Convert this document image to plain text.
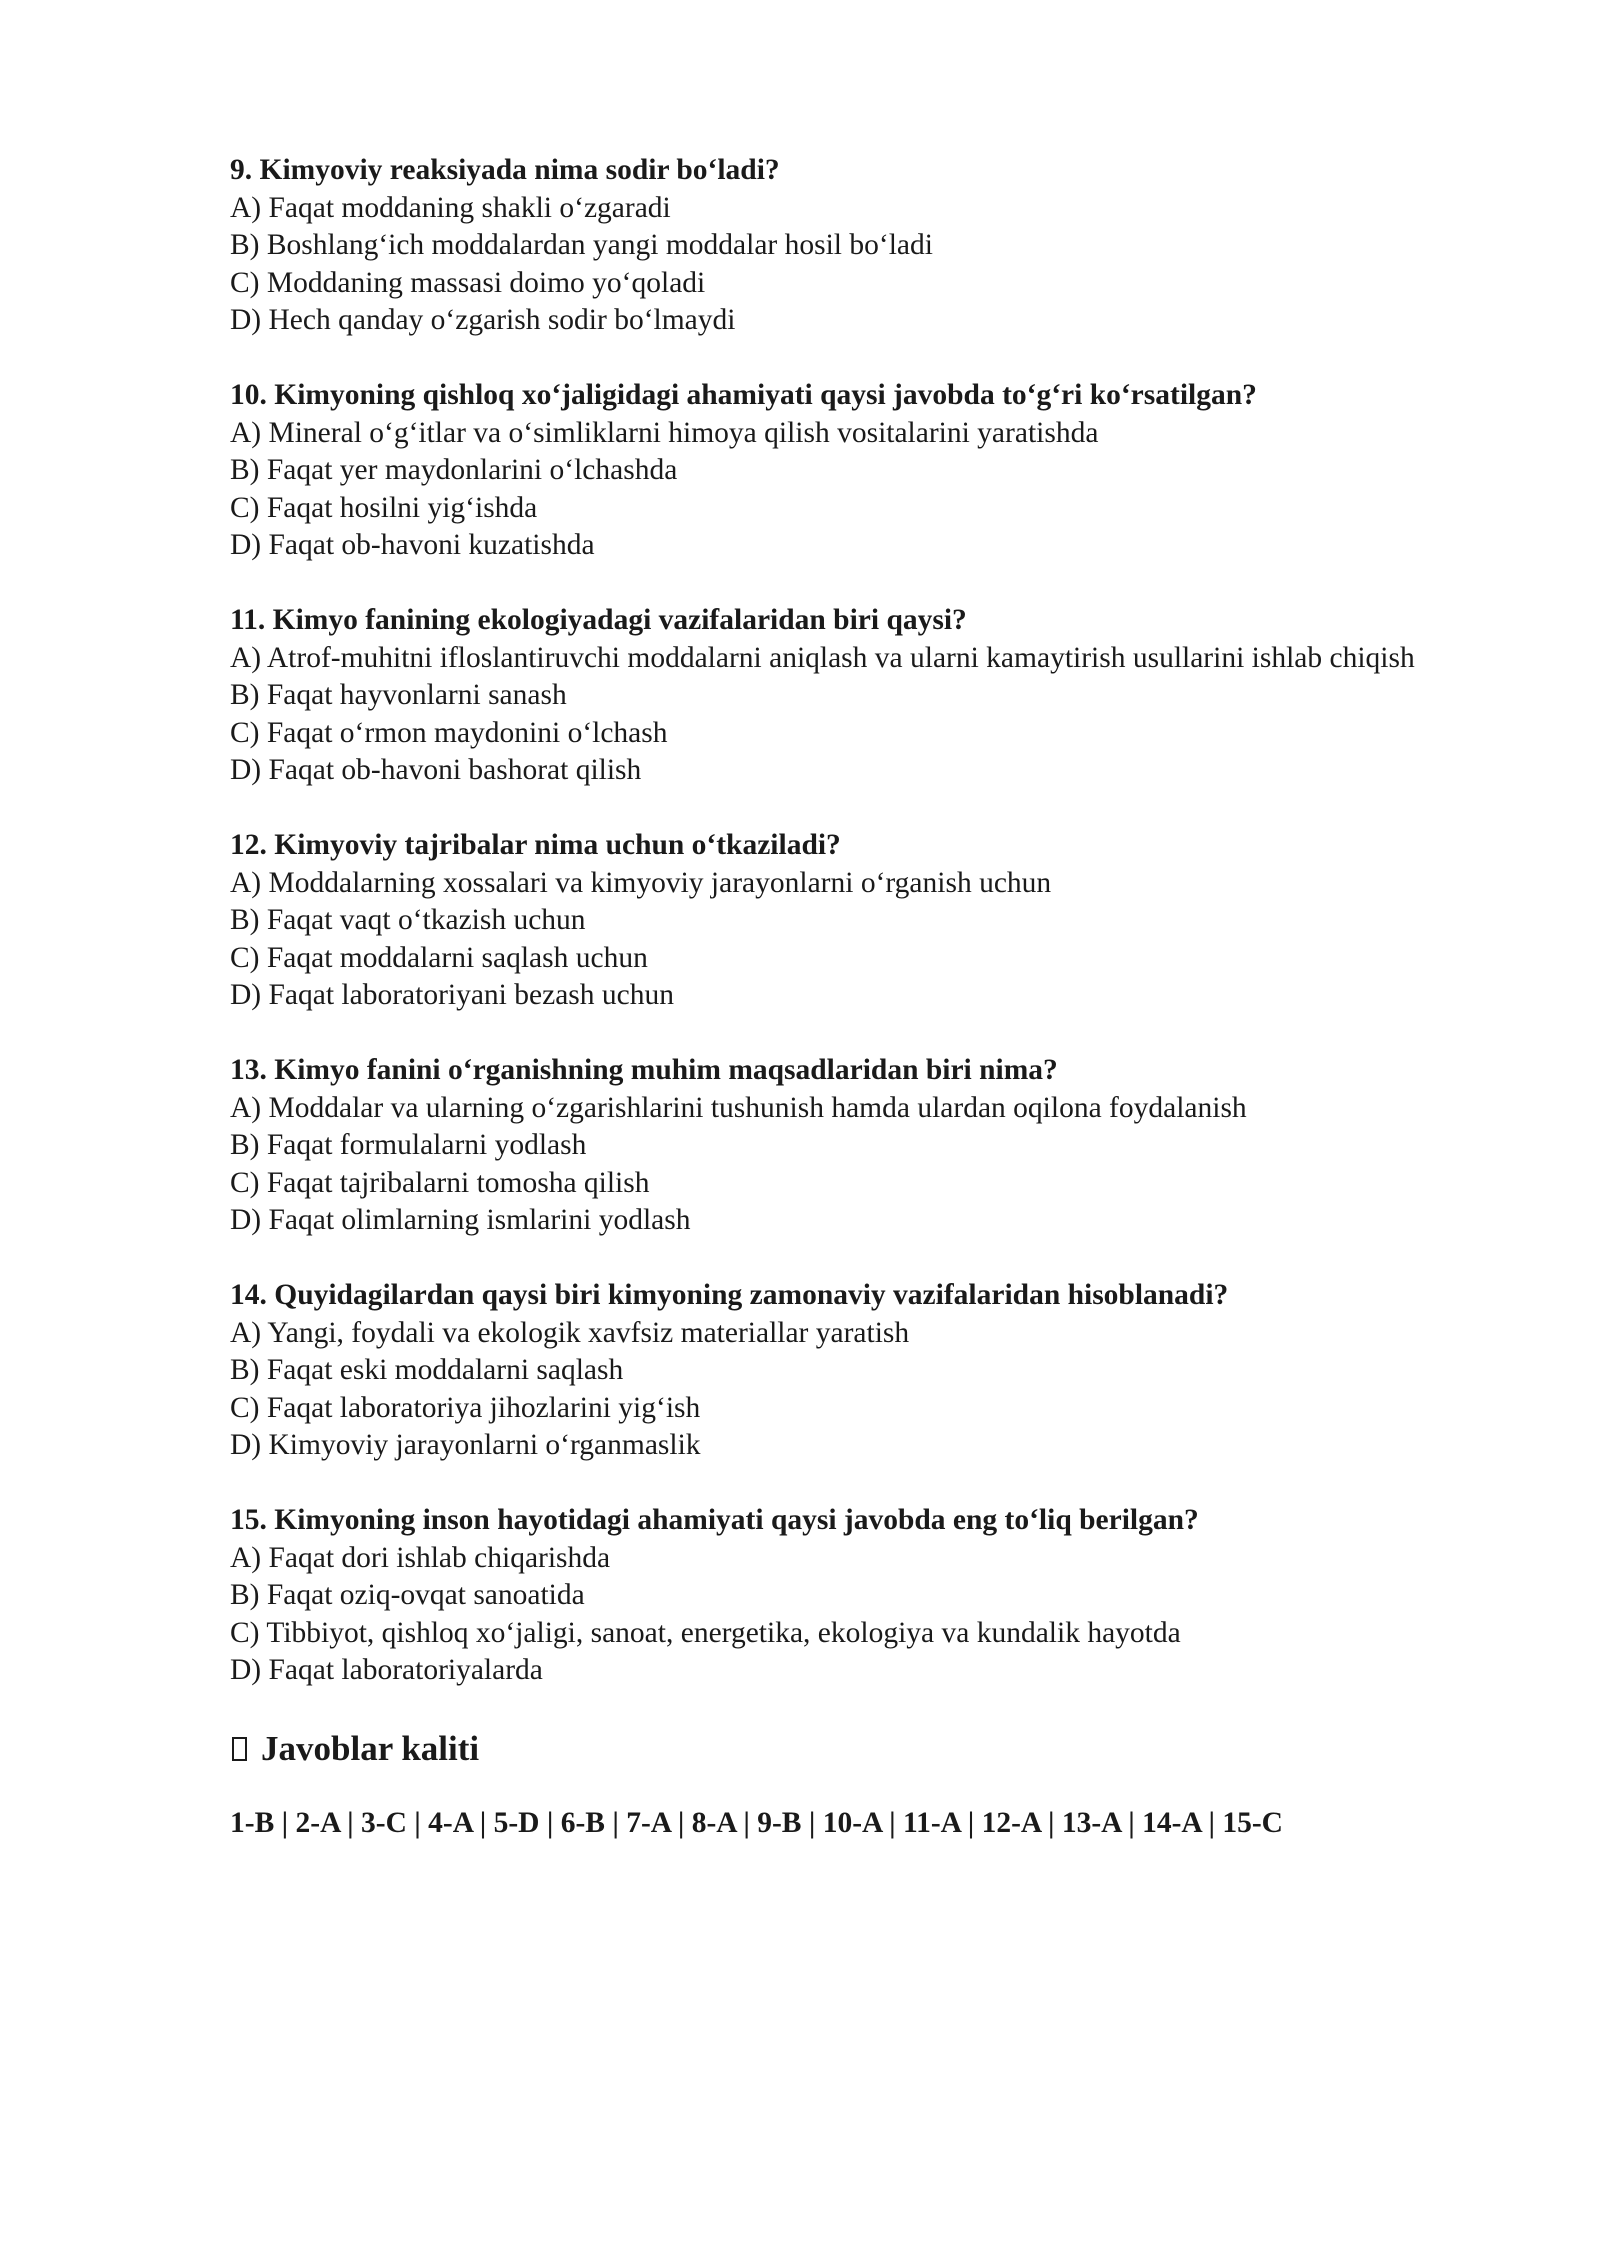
9. Kimyoviy reaksiyada nima sodir bo‘ladi?

A) Faqat moddaning shakli o‘zgaradi

B) Boshlang‘ich moddalardan yangi moddalar hosil bo‘ladi

C) Moddaning massasi doimo yo‘qoladi

D) Hech qanday o‘zgarish sodir bo‘lmaydi

10. Kimyoning qishloq xo‘jaligidagi ahamiyati qaysi javobda to‘g‘ri ko‘rsatilgan?

A) Mineral o‘g‘itlar va o‘simliklarni himoya qilish vositalarini yaratishda

B) Faqat yer maydonlarini o‘lchashda

C) Faqat hosilni yig‘ishda

D) Faqat ob-havoni kuzatishda

11. Kimyo fanining ekologiyadagi vazifalaridan biri qaysi?

A) Atrof-muhitni ifloslantiruvchi moddalarni aniqlash va ularni kamaytirish usullarini ishlab chiqish

B) Faqat hayvonlarni sanash

C) Faqat o‘rmon maydonini o‘lchash

D) Faqat ob-havoni bashorat qilish

12. Kimyoviy tajribalar nima uchun o‘tkaziladi?

A) Moddalarning xossalari va kimyoviy jarayonlarni o‘rganish uchun

B) Faqat vaqt o‘tkazish uchun

C) Faqat moddalarni saqlash uchun

D) Faqat laboratoriyani bezash uchun

13. Kimyo fanini o‘rganishning muhim maqsadlaridan biri nima?

A) Moddalar va ularning o‘zgarishlarini tushunish hamda ulardan oqilona foydalanish

B) Faqat formulalarni yodlash

C) Faqat tajribalarni tomosha qilish

D) Faqat olimlarning ismlarini yodlash

14. Quyidagilardan qaysi biri kimyoning zamonaviy vazifalaridan hisoblanadi?

A) Yangi, foydali va ekologik xavfsiz materiallar yaratish

B) Faqat eski moddalarni saqlash

C) Faqat laboratoriya jihozlarini yig‘ish

D) Kimyoviy jarayonlarni o‘rganmaslik

15. Kimyoning inson hayotidagi ahamiyati qaysi javobda eng to‘liq berilgan?

A) Faqat dori ishlab chiqarishda

B) Faqat oziq-ovqat sanoatida

C) Tibbiyot, qishloq xo‘jaligi, sanoat, energetika, ekologiya va kundalik hayotda

D) Faqat laboratoriyalarda

Javoblar kaliti

1-B | 2-A | 3-C | 4-A | 5-D | 6-B | 7-A | 8-A | 9-B | 10-A | 11-A | 12-A | 13-A | 14-A | 15-C
